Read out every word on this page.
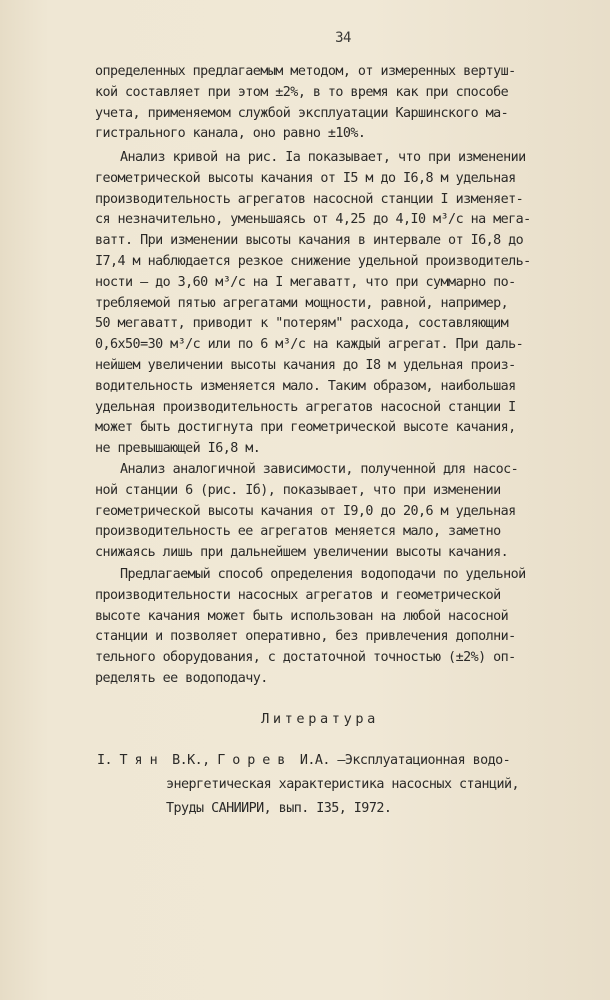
34
определенных предлагаемым методом, от измеренных вертуш-
кой составляет при этом ±2%, в то время как при способе
учета, применяемом службой эксплуатации Каршинского ма-
гистрального канала, оно равно ±10%.
Анализ кривой на рис. Iа показывает, что при изменении
геометрической высоты качания от I5 м до I6,8 м удельная
производительность агрегатов насосной станции I изменяет-
ся незначительно, уменьшаясь от 4,25 до 4,I0 м³/с на мега-
ватт. При изменении высоты качания в интервале от I6,8 до
I7,4 м наблюдается резкое снижение удельной производитель-
ности – до 3,60 м³/с на I мегаватт, что при суммарно по-
требляемой пятью агрегатами мощности, равной, например,
50 мегаватт, приводит к "потерям" расхода, составляющим
0,6х50=30 м³/с или по 6 м³/с на каждый агрегат. При даль-
нейшем увеличении высоты качания до I8 м удельная произ-
водительность изменяется мало. Таким образом, наибольшая
удельная производительность агрегатов насосной станции I
может быть достигнута при геометрической высоте качания,
не превышающей I6,8 м.
Анализ аналогичной зависимости, полученной для насос-
ной станции 6 (рис. Iб), показывает, что при изменении
геометрической высоты качания от I9,0 до 20,6 м удельная
производительность ее агрегатов меняется мало, заметно
снижаясь лишь при дальнейшем увеличении высоты качания.
Предлагаемый способ определения водоподачи по удельной
производительности насосных агрегатов и геометрической
высоте качания может быть использован на любой насосной
станции и позволяет оперативно, без привлечения дополни-
тельного оборудования, с достаточной точностью (±2%) оп-
ределять ее водоподачу.
Литература
I. Т я н  В.К., Г о р е в  И.А. –Эксплуатационная водо-
энергетическая характеристика насосных станций,
Труды САНИИРИ, вып. I35, I972.
